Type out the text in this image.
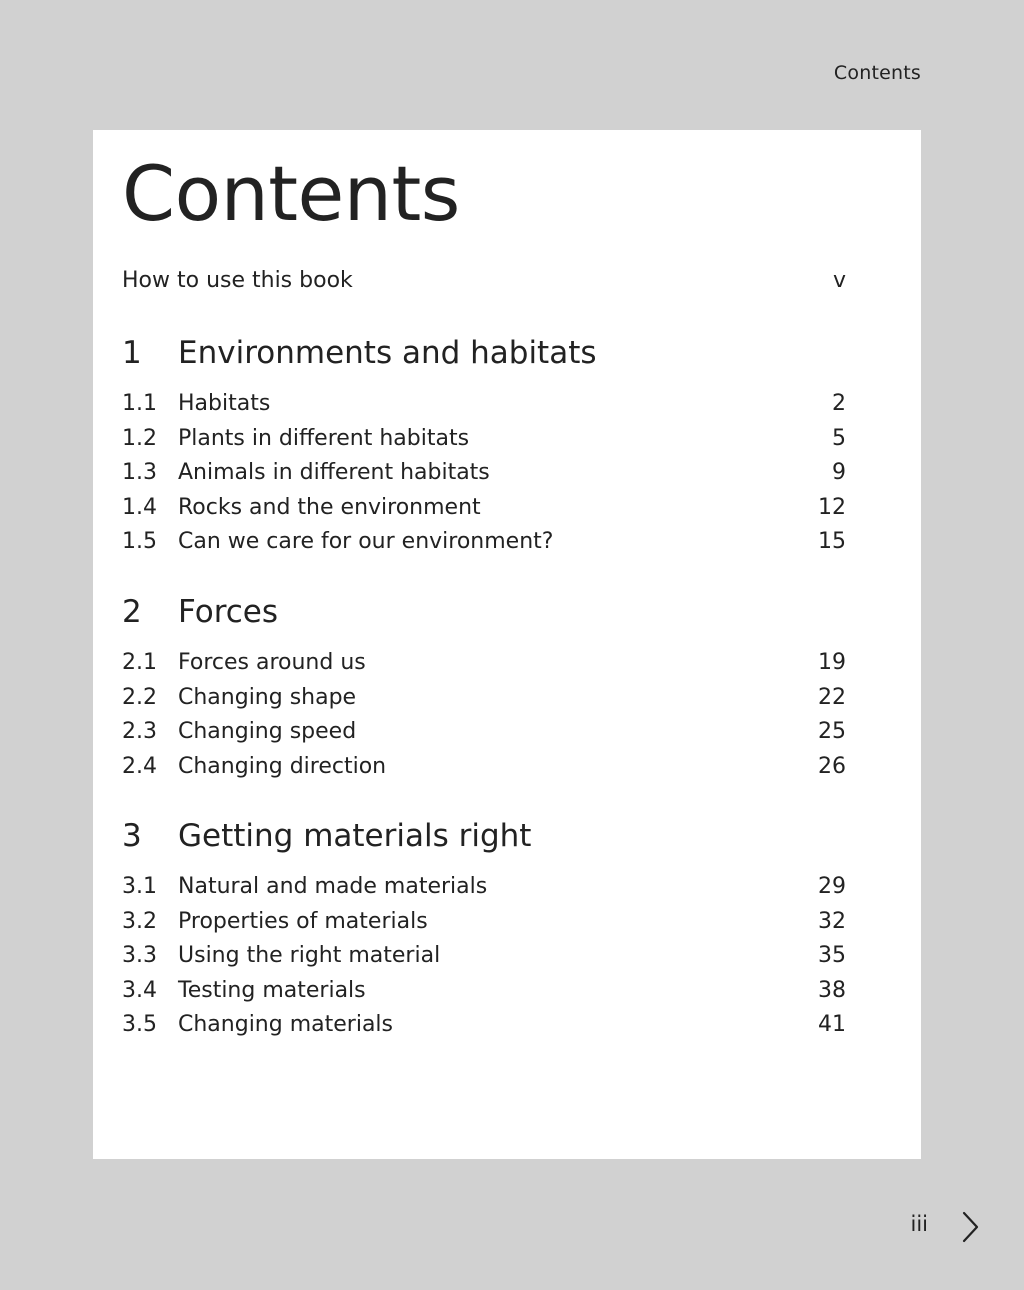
Contents
Contents
How to use this book	v
1	Environments and habitats
1.1 Habitats	2
1.2 Plants in different habitats	5
1.3 Animals in different habitats	9
1.4 Rocks and the environment	12
1.5 Can we care for our environment?	15
2	Forces
2.1 Forces around us	19
2.2 Changing shape	22
2.3 Changing speed	25
2.4 Changing direction	26
3	Getting materials right
3.1 Natural and made materials	29
3.2 Properties of materials	32
3.3 Using the right material	35
3.4 Testing materials	38
3.5 Changing materials	41
iii
